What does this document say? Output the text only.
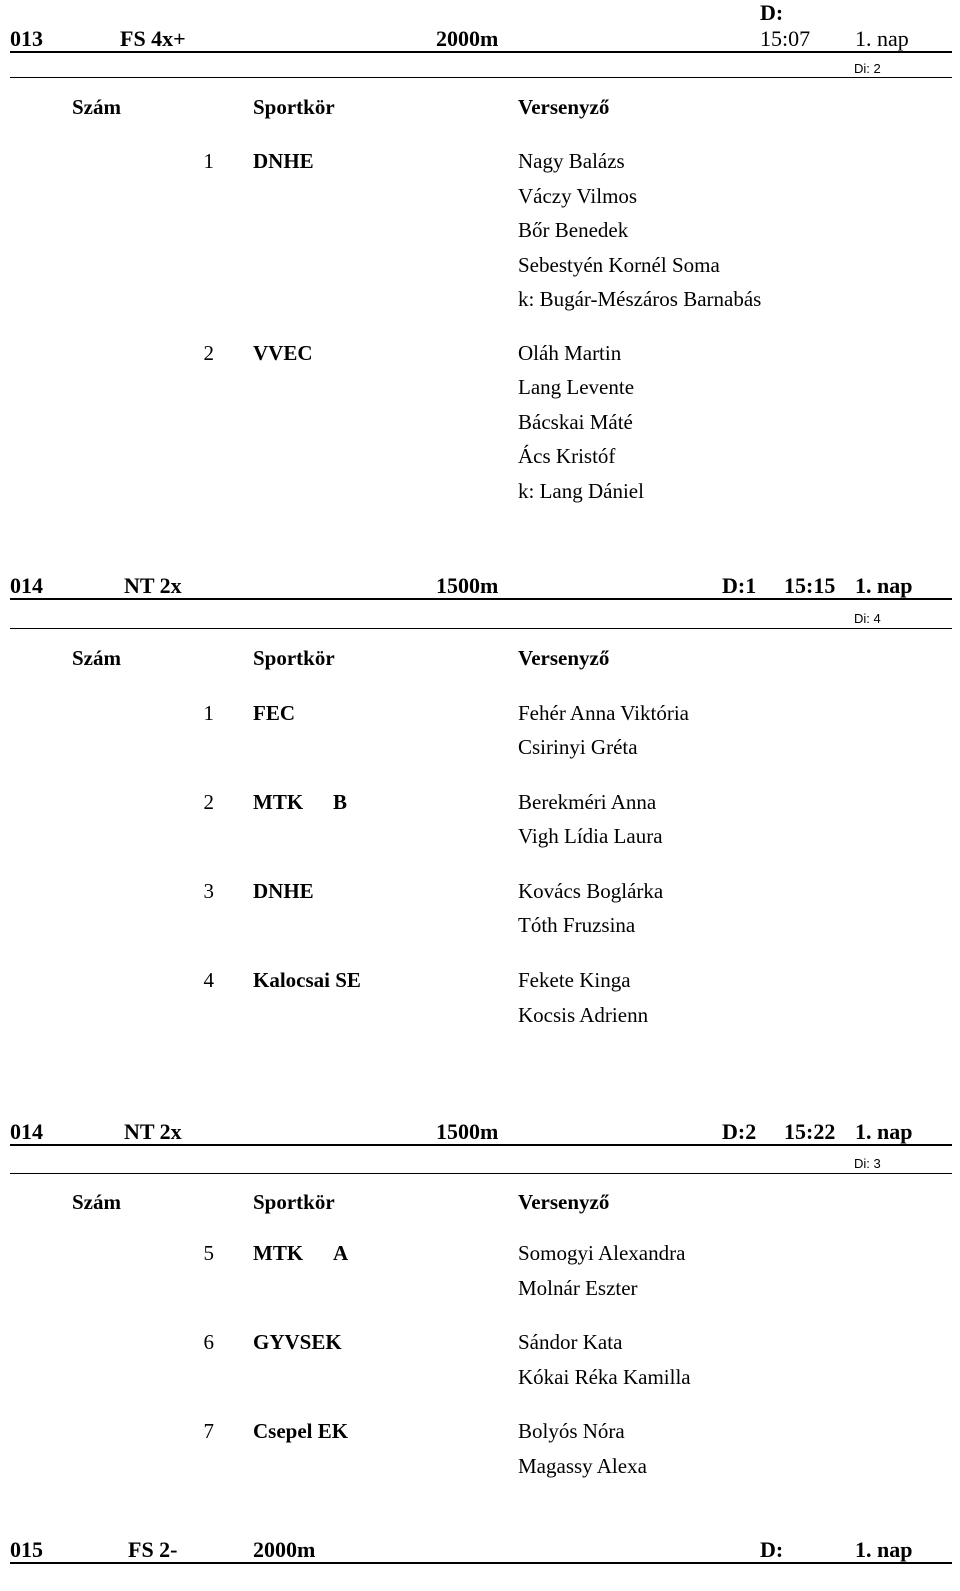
013	FS 4x+	2000m
D:
15:07 1. nap
Di: 2
Szám	Sportkör	Versenyző
1 DNHE	Nagy Balázs
Váczy Vilmos
Bőr Benedek
Sebestyén Kornél Soma
k: Bugár-Mészáros Barnabás
2 VVEC	Oláh Martin
Lang Levente
Bácskai Máté
Ács Kristóf
k: Lang Dániel
014	NT 2x	1500m	D:1 15:15 1. nap
Di: 4
Szám	Sportkör	Versenyző
1 FEC	Fehér Anna Viktória
Csirinyi Gréta
2 MTK B	Berekméri Anna
Vigh Lídia Laura
3 DNHE	Kovács Boglárka
Tóth Fruzsina
4 Kalocsai SE	Fekete Kinga
Kocsis Adrienn
014	NT 2x	1500m	D:2 15:22 1. nap
Di: 3
Szám	Sportkör	Versenyző
5 MTK A	Somogyi Alexandra
Molnár Eszter
6 GYVSEK	Sándor Kata
Kókai Réka Kamilla
7 Csepel EK	Bolyós Nóra
Magassy Alexa
015	FS 2-	2000m	D:	1. nap
